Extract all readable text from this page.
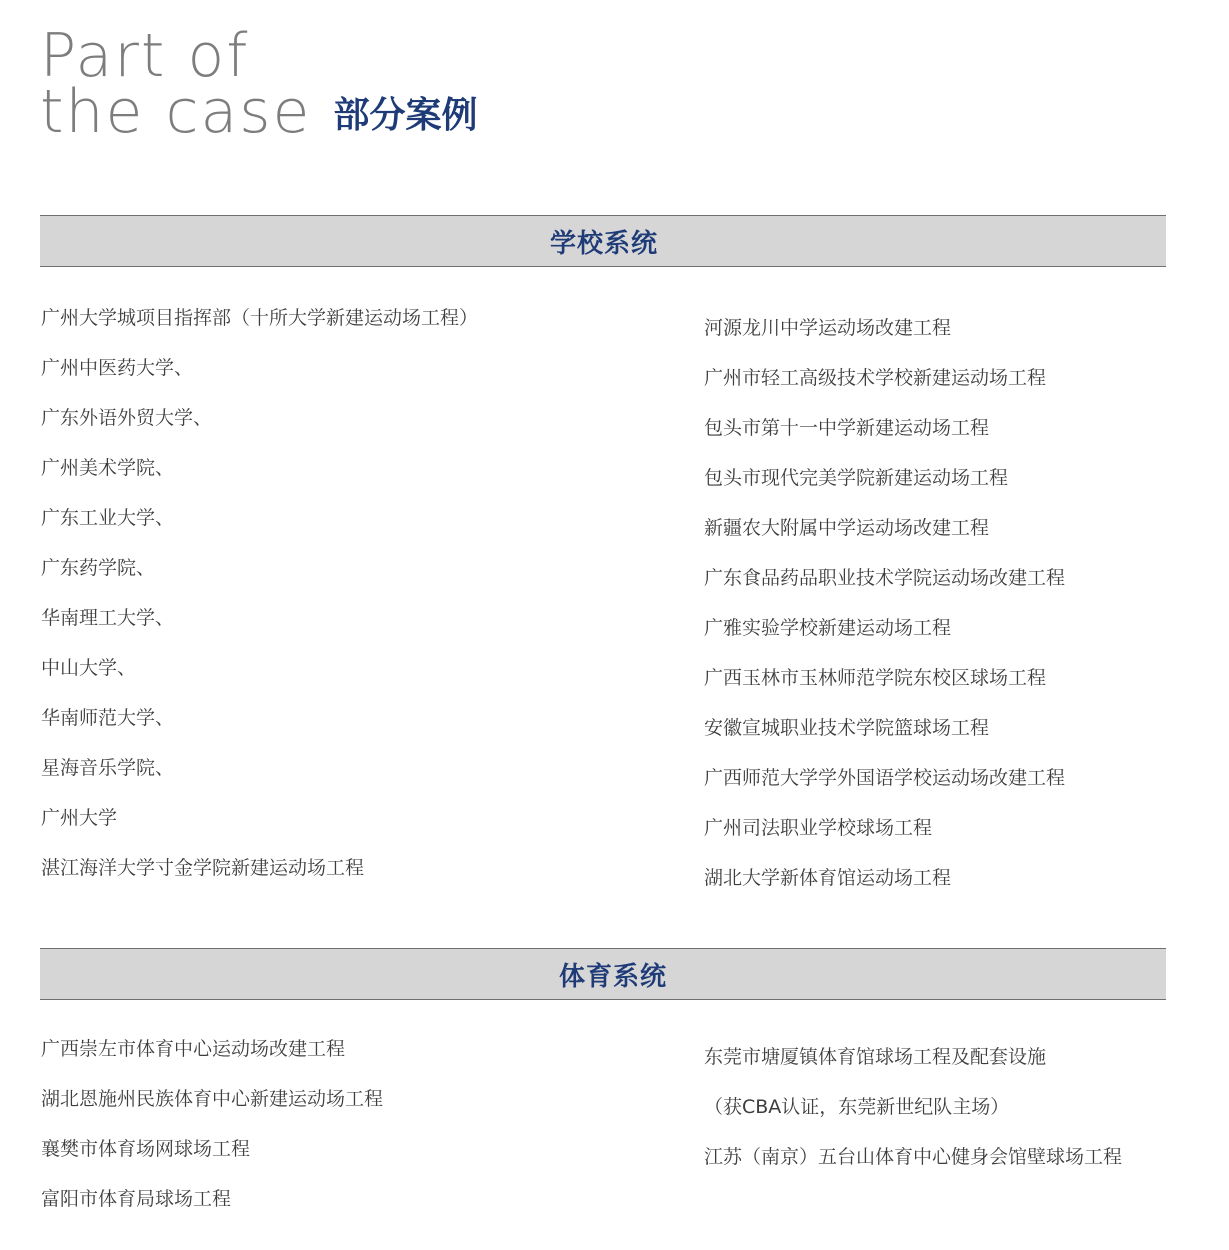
Part of
the case 部分案例
学校系统
广州大学城项目指挥部（十所大学新建运动场工程）
广州中医药大学、
广东外语外贸大学、
广州美术学院、
广东工业大学、
广东药学院、
华南理工大学、
中山大学、
华南师范大学、
星海音乐学院、
广州大学
湛江海洋大学寸金学院新建运动场工程
河源龙川中学运动场改建工程
广州市轻工高级技术学校新建运动场工程
包头市第十一中学新建运动场工程
包头市现代完美学院新建运动场工程
新疆农大附属中学运动场改建工程
广东食品药品职业技术学院运动场改建工程
广雅实验学校新建运动场工程
广西玉林市玉林师范学院东校区球场工程
安徽宣城职业技术学院篮球场工程
广西师范大学学外国语学校运动场改建工程
广州司法职业学校球场工程
湖北大学新体育馆运动场工程
体育系统
广西崇左市体育中心运动场改建工程
湖北恩施州民族体育中心新建运动场工程
襄樊市体育场网球场工程
富阳市体育局球场工程
东莞市塘厦镇体育馆球场工程及配套设施
（获CBA认证，东莞新世纪队主场）
江苏（南京）五台山体育中心健身会馆壁球场工程
